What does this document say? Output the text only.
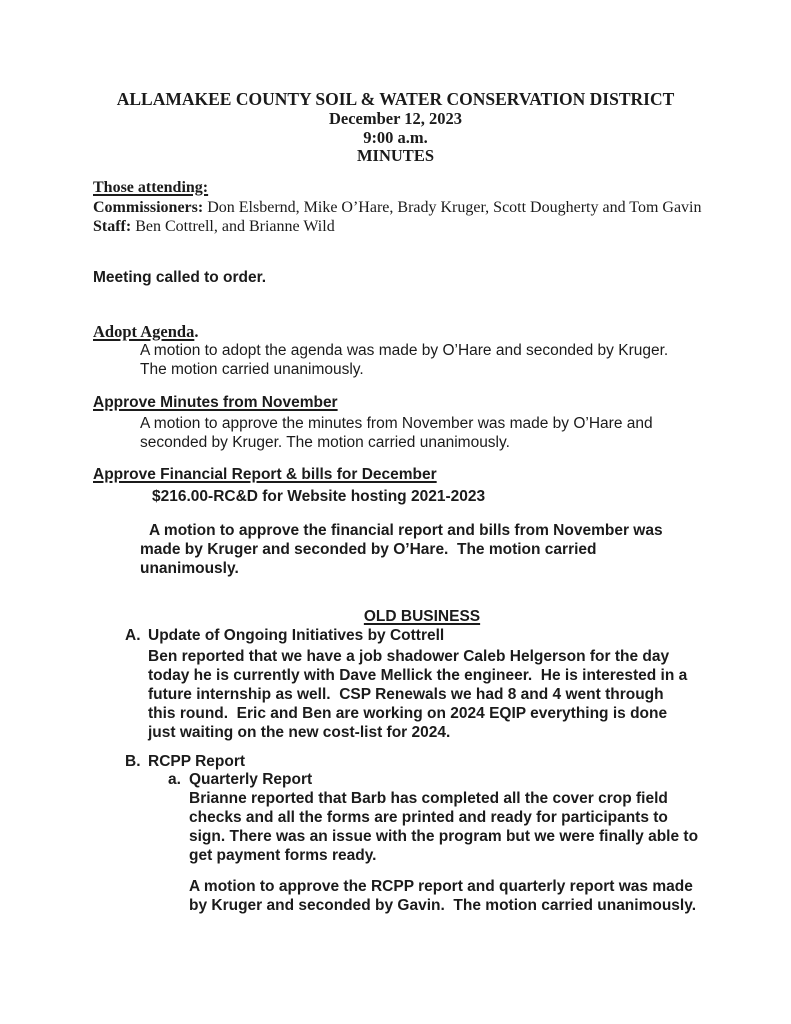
ALLAMAKEE COUNTY SOIL & WATER CONSERVATION DISTRICT
December 12, 2023
9:00 a.m.
MINUTES
Those attending:
Commissioners: Don Elsbernd, Mike O’Hare, Brady Kruger, Scott Dougherty and Tom Gavin
Staff: Ben Cottrell, and Brianne Wild
Meeting called to order.
Adopt Agenda.
A motion to adopt the agenda was made by O’Hare and seconded by Kruger.
The motion carried unanimously.
Approve Minutes from November
A motion to approve the minutes from November was made by O’Hare and
seconded by Kruger. The motion carried unanimously.
Approve Financial Report & bills for December
$216.00-RC&D for Website hosting 2021-2023
A motion to approve the financial report and bills from November was
made by Kruger and seconded by O’Hare.  The motion carried
unanimously.
OLD BUSINESS
A. Update of Ongoing Initiatives by Cottrell
Ben reported that we have a job shadower Caleb Helgerson for the day
today he is currently with Dave Mellick the engineer.  He is interested in a
future internship as well.  CSP Renewals we had 8 and 4 went through
this round.  Eric and Ben are working on 2024 EQIP everything is done
just waiting on the new cost-list for 2024.
B. RCPP Report
a. Quarterly Report
Brianne reported that Barb has completed all the cover crop field
checks and all the forms are printed and ready for participants to
sign. There was an issue with the program but we were finally able to
get payment forms ready.
A motion to approve the RCPP report and quarterly report was made
by Kruger and seconded by Gavin.  The motion carried unanimously.
